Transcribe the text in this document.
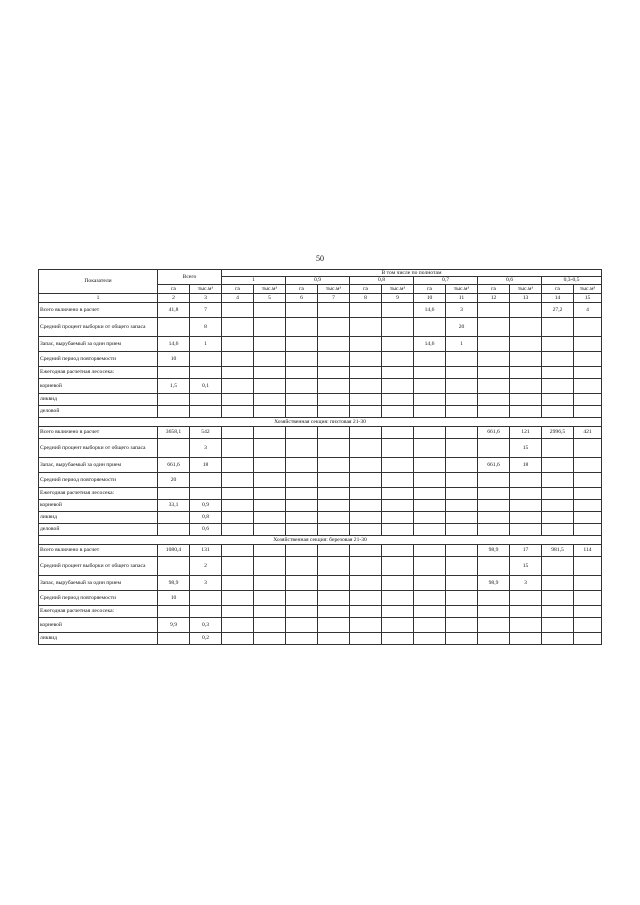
50
Показатели	Всего		В том числе по полнотам											
			1		0,9		0,8		0,7		0,6		0,3-0,5	
	га	тыс.м³	га	тыс.м³	га	тыс.м³	га	тыс.м³	га	тыс.м³	га	тыс.м³	га	тыс.м³
1	2	3	4	5	6	7	8	9	10	11	12	13	14	15
Всего включено в расчет	41,8	7							14,6	3			27,2	4
Средний процент выборки от общего запаса		8								20				
Запас, вырубаемый за один прием	14,6	1							14,6	1				
Средний период повторяемости	10													
Ежегодная расчетная лесосека:														
корневой	1,5	0,1												
ликвид														
деловой														
Хозяйственная секция: пихтовая 21-30														
Всего включено в расчет	3658,1	542									661,6	121	2996,5	421
Средний процент выборки от общего запаса		3										15		
Запас, вырубаемый за один прием	661,6	18									661,6	18		
Средний период повторяемости	20													
Ежегодная расчетная лесосека:														
корневой	33,1	0,9												
ликвид		0,8												
деловой		0,6												
Хозяйственная секция: березовая 21-30														
Всего включено в расчет	1080,4	131									98,9	17	981,5	114
Средний процент выборки от общего запаса		2										15		
Запас, вырубаемый за один прием	98,9	3									98,9	3		
Средний период повторяемости	10													
Ежегодная расчетная лесосека:														
корневой	9,9	0,3												
ликвид		0,2												
